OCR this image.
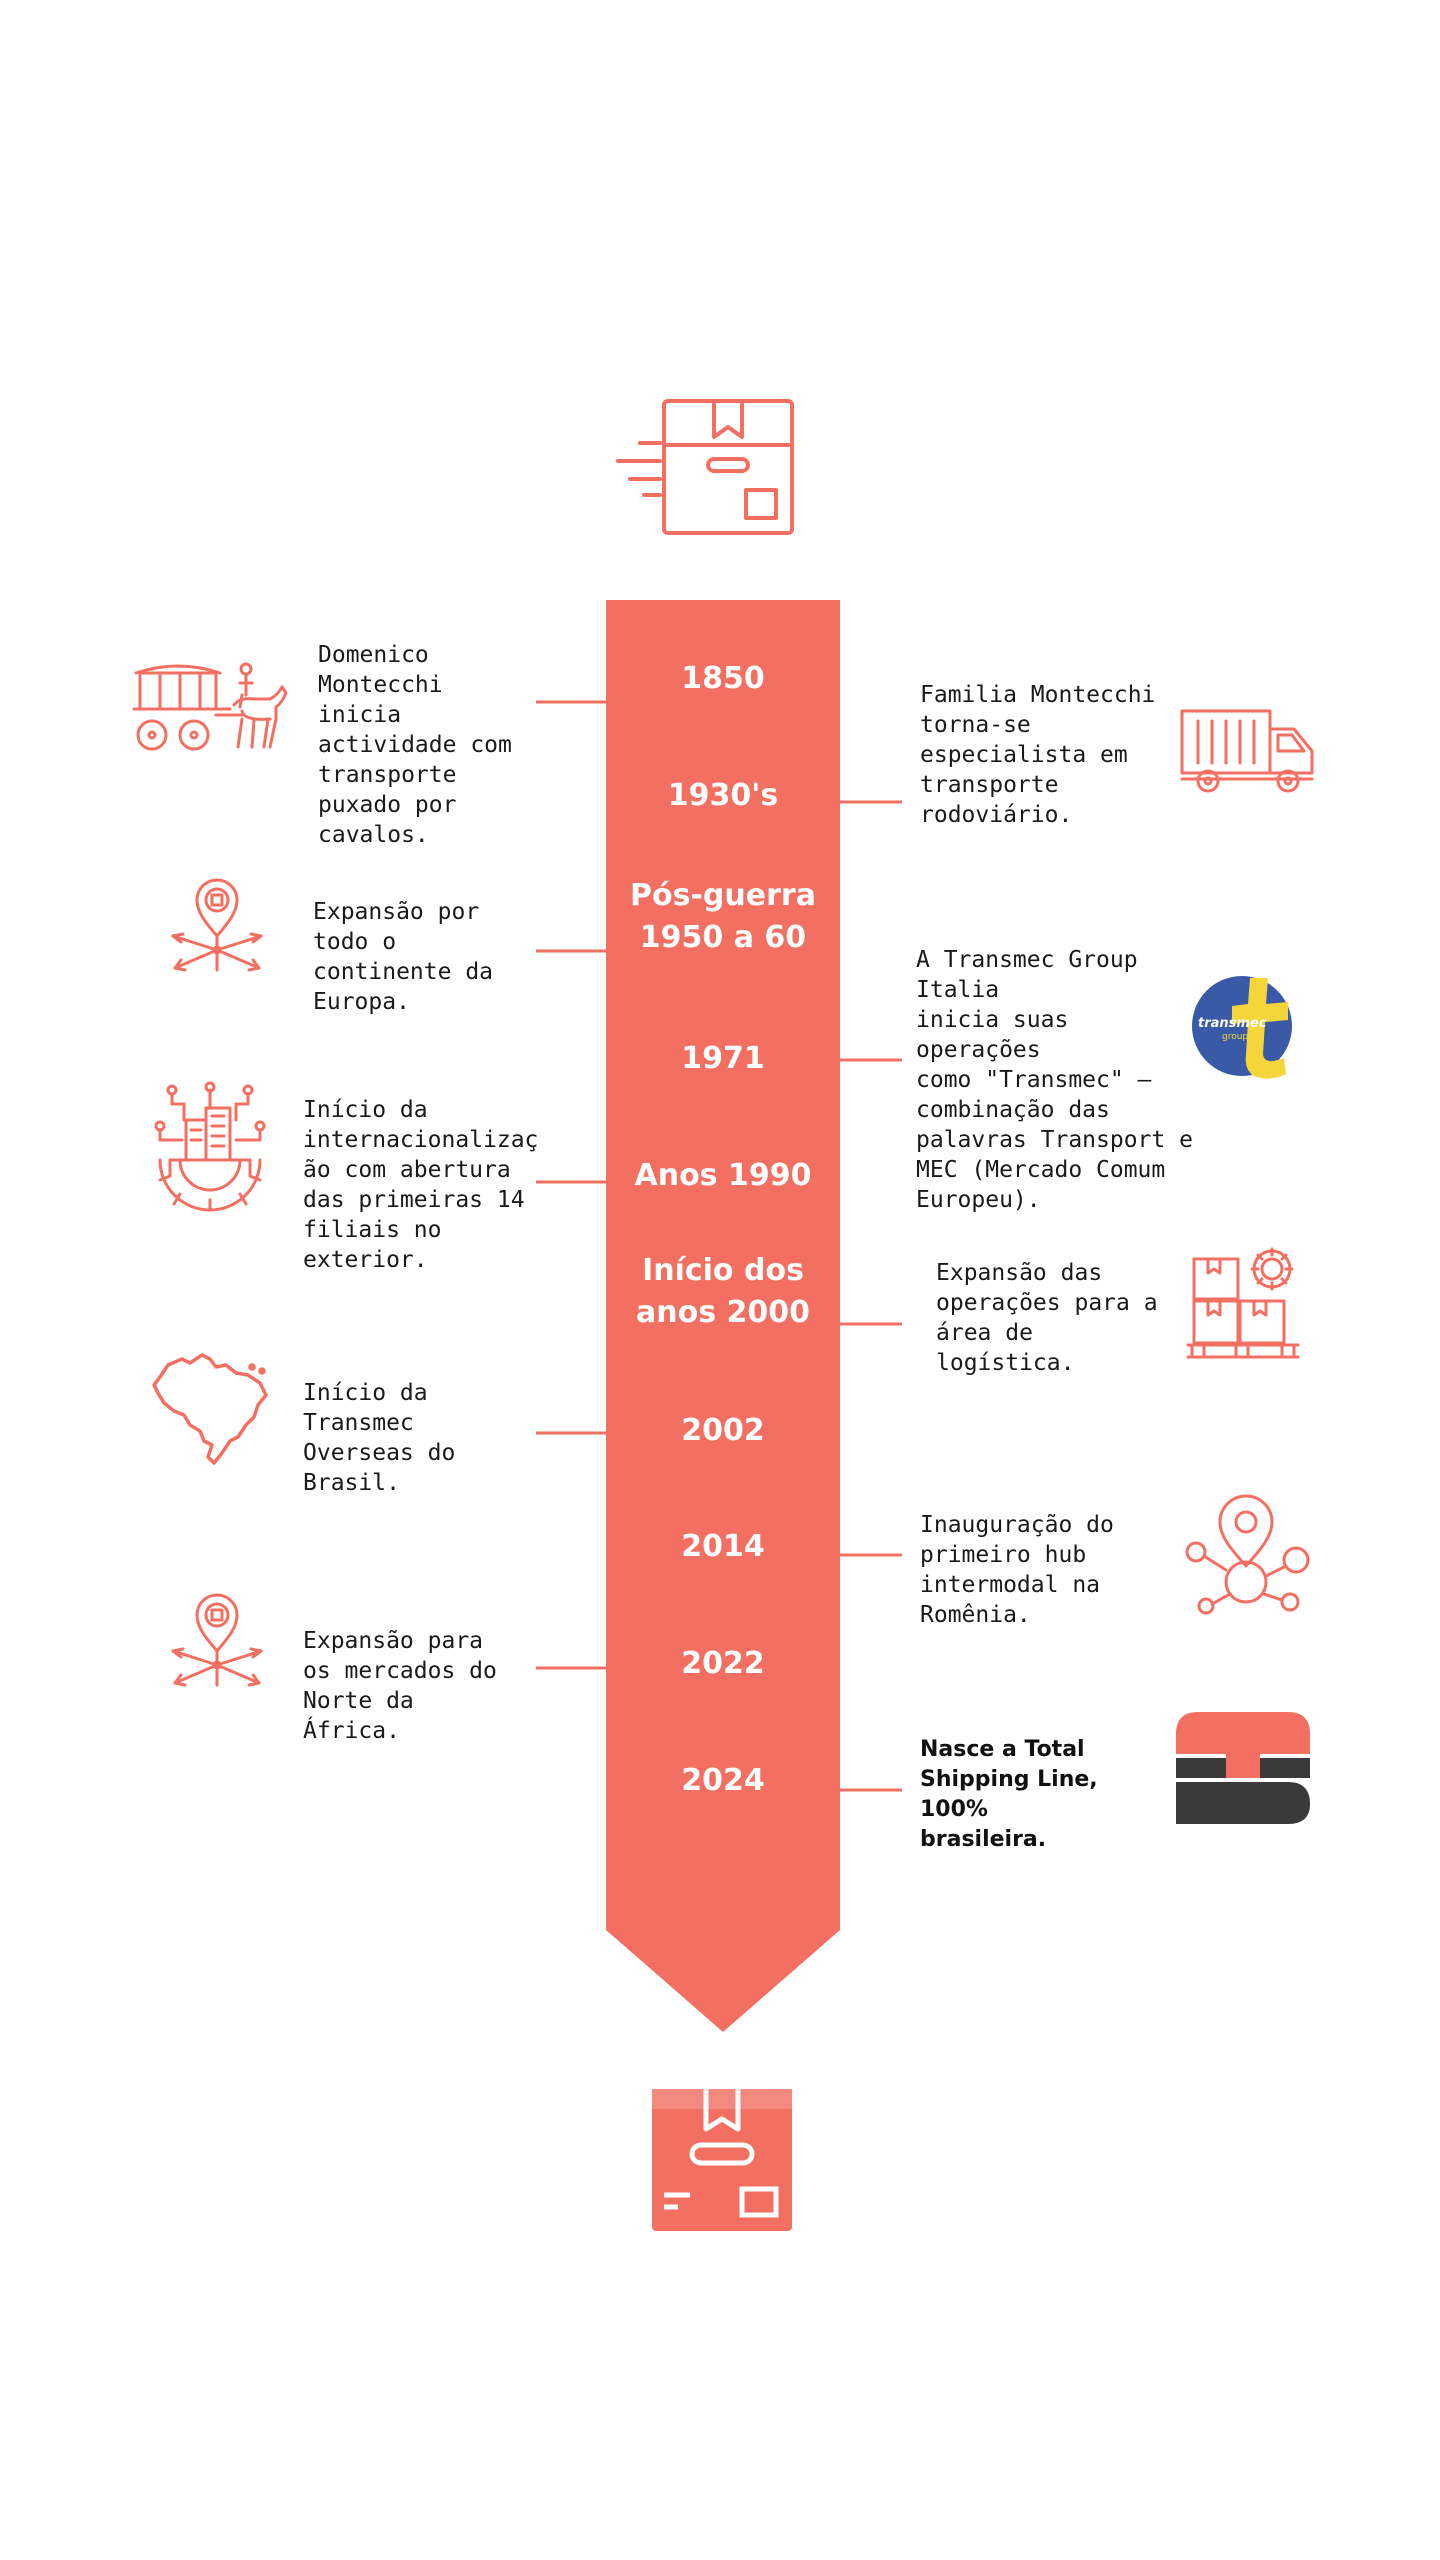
1850
1930's
Pós-guerra
1950 a 60
1971
Anos 1990
Início dos
anos 2000
2002
2014
2022
2024
Domenico
Montecchi inicia
actividade com
transporte
puxado por
cavalos.
Expansão por
todo o
continente da
Europa.
Início da
internacionalizaç
ão com abertura
das primeiras 14
filiais no
exterior.
Início da
Transmec
Overseas do
Brasil.
Expansão para
os mercados do
Norte da
África.
Familia Montecchi
torna-se
especialista em
transporte
rodoviário.
A Transmec Group Italia
inicia suas operações
como "Transmec" –
combinação das
palavras Transport e
MEC (Mercado Comum
Europeu).
Expansão das
operações para a
área de logística.
Inauguração do
primeiro hub
intermodal na
Romênia.
Nasce a Total
Shipping Line, 100%
brasileira.
transmec
group
